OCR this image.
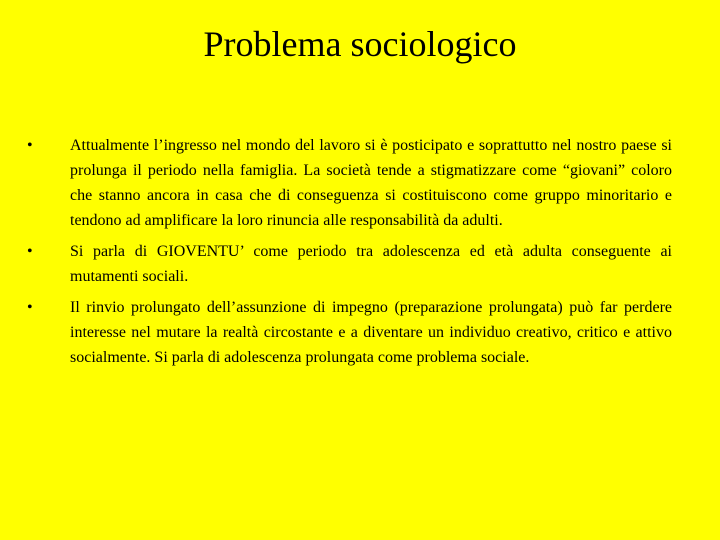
Problema sociologico
•	Attualmente l’ingresso nel mondo del lavoro si è posticipato e soprattutto nel nostro paese si prolunga il periodo nella famiglia. La società tende a stigmatizzare come “giovani” coloro che stanno ancora in casa che di conseguenza si costituiscono come gruppo minoritario e tendono ad amplificare la loro rinuncia alle responsabilità da adulti.
•	Si parla di GIOVENTU’ come periodo tra adolescenza ed età adulta conseguente ai mutamenti sociali.
•	Il rinvio prolungato dell’assunzione di impegno (preparazione prolungata) può far perdere interesse nel mutare la realtà circostante e a diventare un individuo creativo, critico e attivo socialmente. Si parla di adolescenza prolungata come problema sociale.
